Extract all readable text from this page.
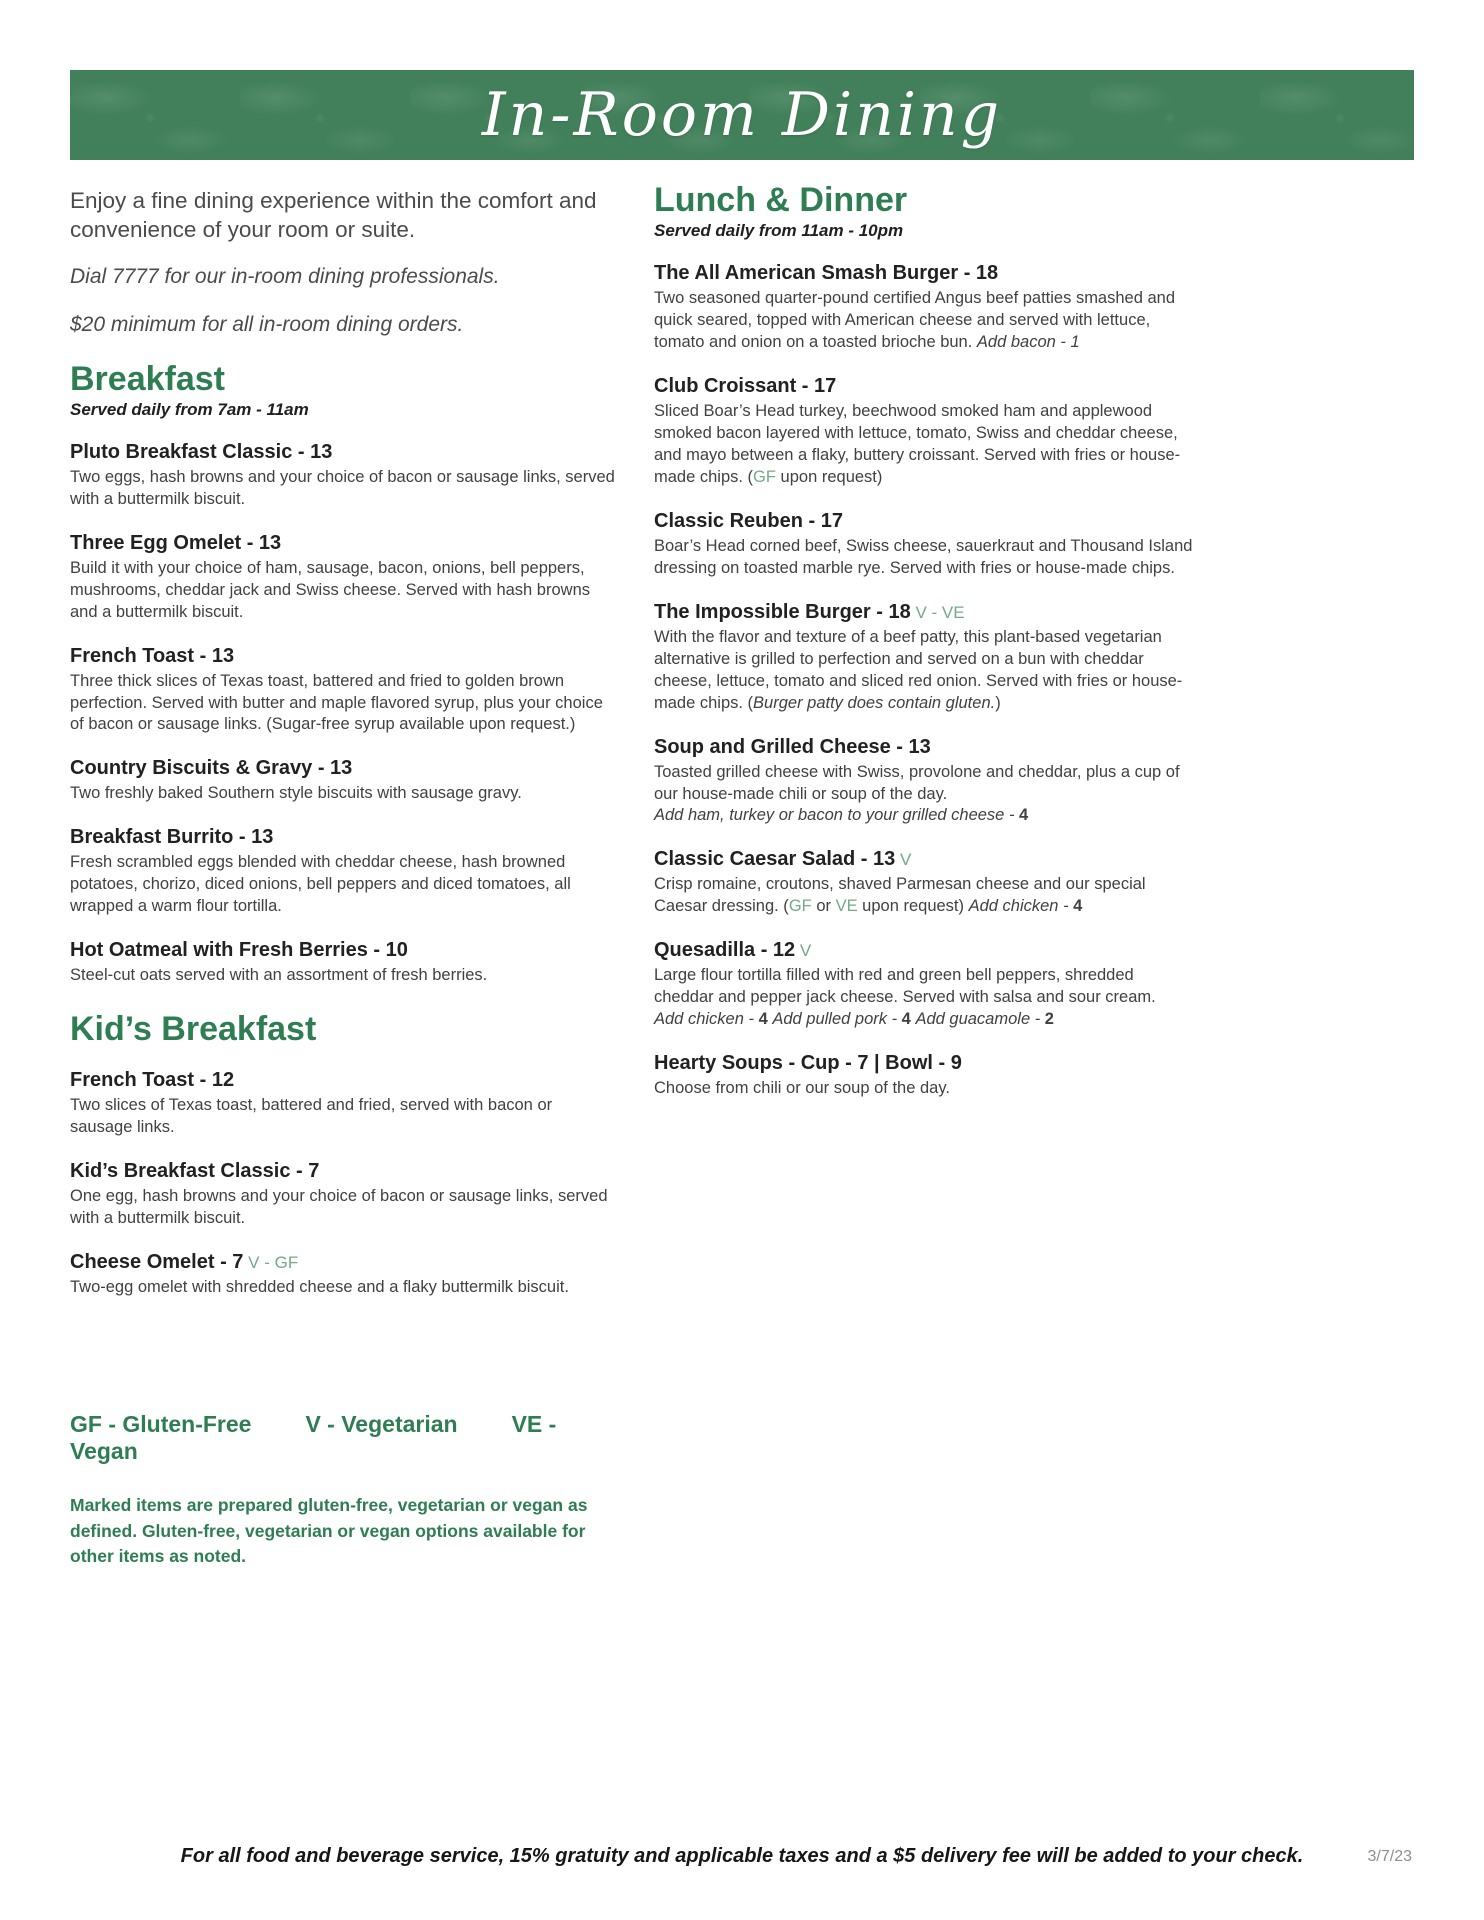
In-Room Dining

Enjoy a fine dining experience within the comfort and convenience of your room or suite.

Dial 7777 for our in-room dining professionals.

$20 minimum for all in-room dining orders.

Breakfast

Served daily from 7am - 11am

Pluto Breakfast Classic - 13

Two eggs, hash browns and your choice of bacon or sausage links, served with a buttermilk biscuit.

Three Egg Omelet - 13

Build it with your choice of ham, sausage, bacon, onions, bell peppers, mushrooms, cheddar jack and Swiss cheese. Served with hash browns and a buttermilk biscuit.

French Toast - 13

Three thick slices of Texas toast, battered and fried to golden brown perfection. Served with butter and maple flavored syrup, plus your choice of bacon or sausage links. (Sugar-free syrup available upon request.)

Country Biscuits & Gravy - 13

Two freshly baked Southern style biscuits with sausage gravy.

Breakfast Burrito - 13

Fresh scrambled eggs blended with cheddar cheese, hash browned potatoes, chorizo, diced onions, bell peppers and diced tomatoes, all wrapped a warm flour tortilla.

Hot Oatmeal with Fresh Berries - 10

Steel-cut oats served with an assortment of fresh berries.

Kid’s Breakfast
French Toast - 12

Two slices of Texas toast, battered and fried, served with bacon or sausage links.

Kid’s Breakfast Classic - 7

One egg, hash browns and your choice of bacon or sausage links, served with a buttermilk biscuit.

Cheese Omelet - 7 V - GF

Two-egg omelet with shredded cheese and a flaky buttermilk biscuit.

GF - Gluten-Free V - Vegetarian VE - Vegan

Marked items are prepared gluten-free, vegetarian or vegan as defined. Gluten-free, vegetarian or vegan options available for other items as noted.

Lunch & Dinner

Served daily from 11am - 10pm

The All American Smash Burger - 18

Two seasoned quarter-pound certified Angus beef patties smashed and quick seared, topped with American cheese and served with lettuce, tomato and onion on a toasted brioche bun. Add bacon - 1

Club Croissant - 17

Sliced Boar’s Head turkey, beechwood smoked ham and applewood smoked bacon layered with lettuce, tomato, Swiss and cheddar cheese, and mayo between a flaky, buttery croissant. Served with fries or house-made chips. (GF upon request)

Classic Reuben - 17

Boar’s Head corned beef, Swiss cheese, sauerkraut and Thousand Island dressing on toasted marble rye. Served with fries or house-made chips.

The Impossible Burger - 18 V - VE

With the flavor and texture of a beef patty, this plant-based vegetarian alternative is grilled to perfection and served on a bun with cheddar cheese, lettuce, tomato and sliced red onion. Served with fries or house-made chips. (Burger patty does contain gluten.)

Soup and Grilled Cheese - 13

Toasted grilled cheese with Swiss, provolone and cheddar, plus a cup of our house-made chili or soup of the day.
Add ham, turkey or bacon to your grilled cheese - 4

Classic Caesar Salad - 13 V

Crisp romaine, croutons, shaved Parmesan cheese and our special Caesar dressing. (GF or VE upon request) Add chicken - 4

Quesadilla - 12 V

Large flour tortilla filled with red and green bell peppers, shredded cheddar and pepper jack cheese. Served with salsa and sour cream.
Add chicken - 4 Add pulled pork - 4 Add guacamole - 2

Hearty Soups - Cup - 7 | Bowl - 9

Choose from chili or our soup of the day.

For all food and beverage service, 15% gratuity and applicable taxes and a $5 delivery fee will be added to your check.	3/7/23
